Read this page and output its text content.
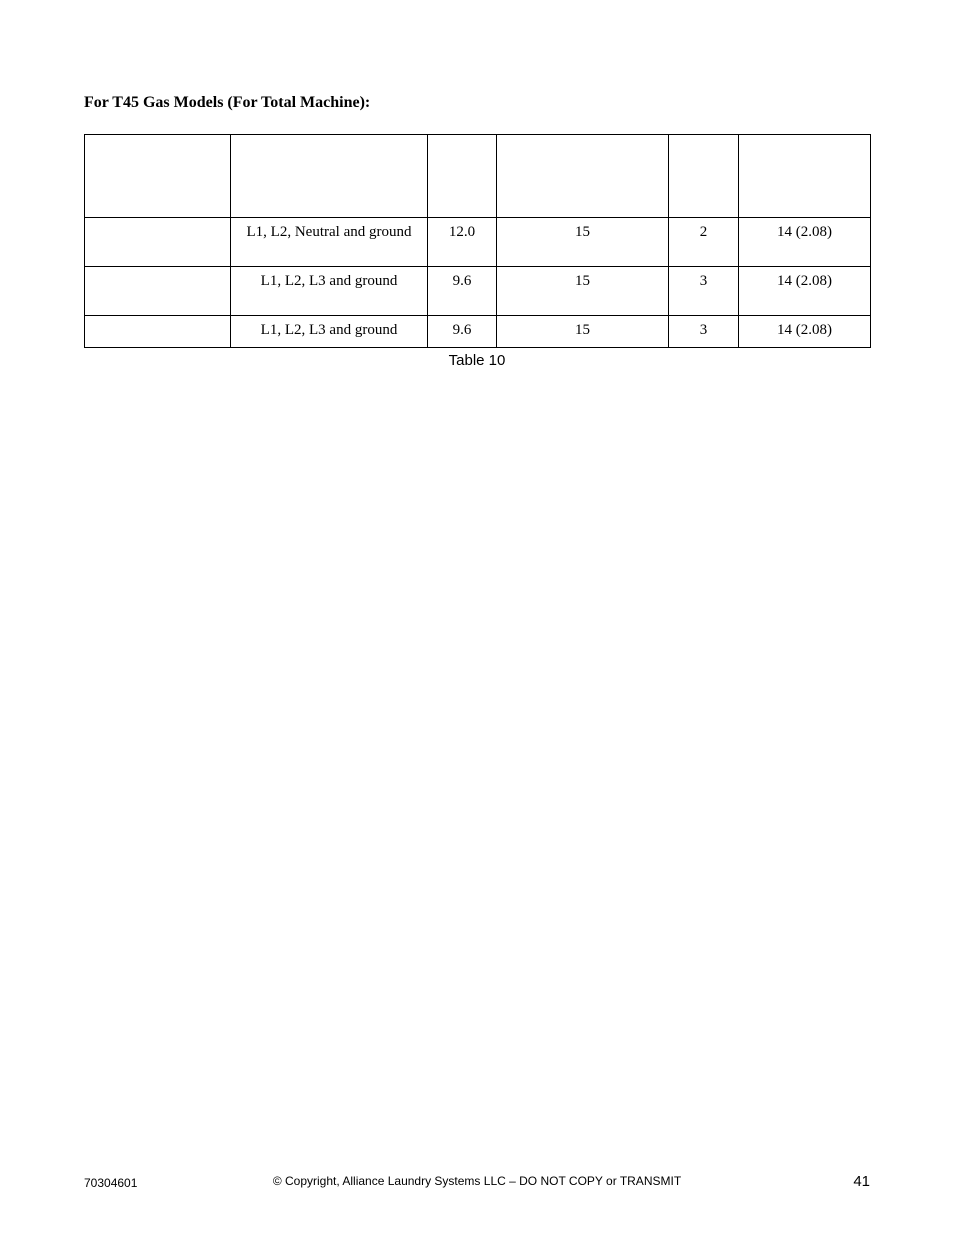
For T45 Gas Models (For Total Machine):

	L1, L2, Neutral and ground	12.0	15	2	14 (2.08)
	L1, L2, L3 and ground	9.6	15	3	14 (2.08)
	L1, L2, L3 and ground	9.6	15	3	14 (2.08)
Table 10
70304601	© Copyright, Alliance Laundry Systems LLC – DO NOT COPY or TRANSMIT	41
